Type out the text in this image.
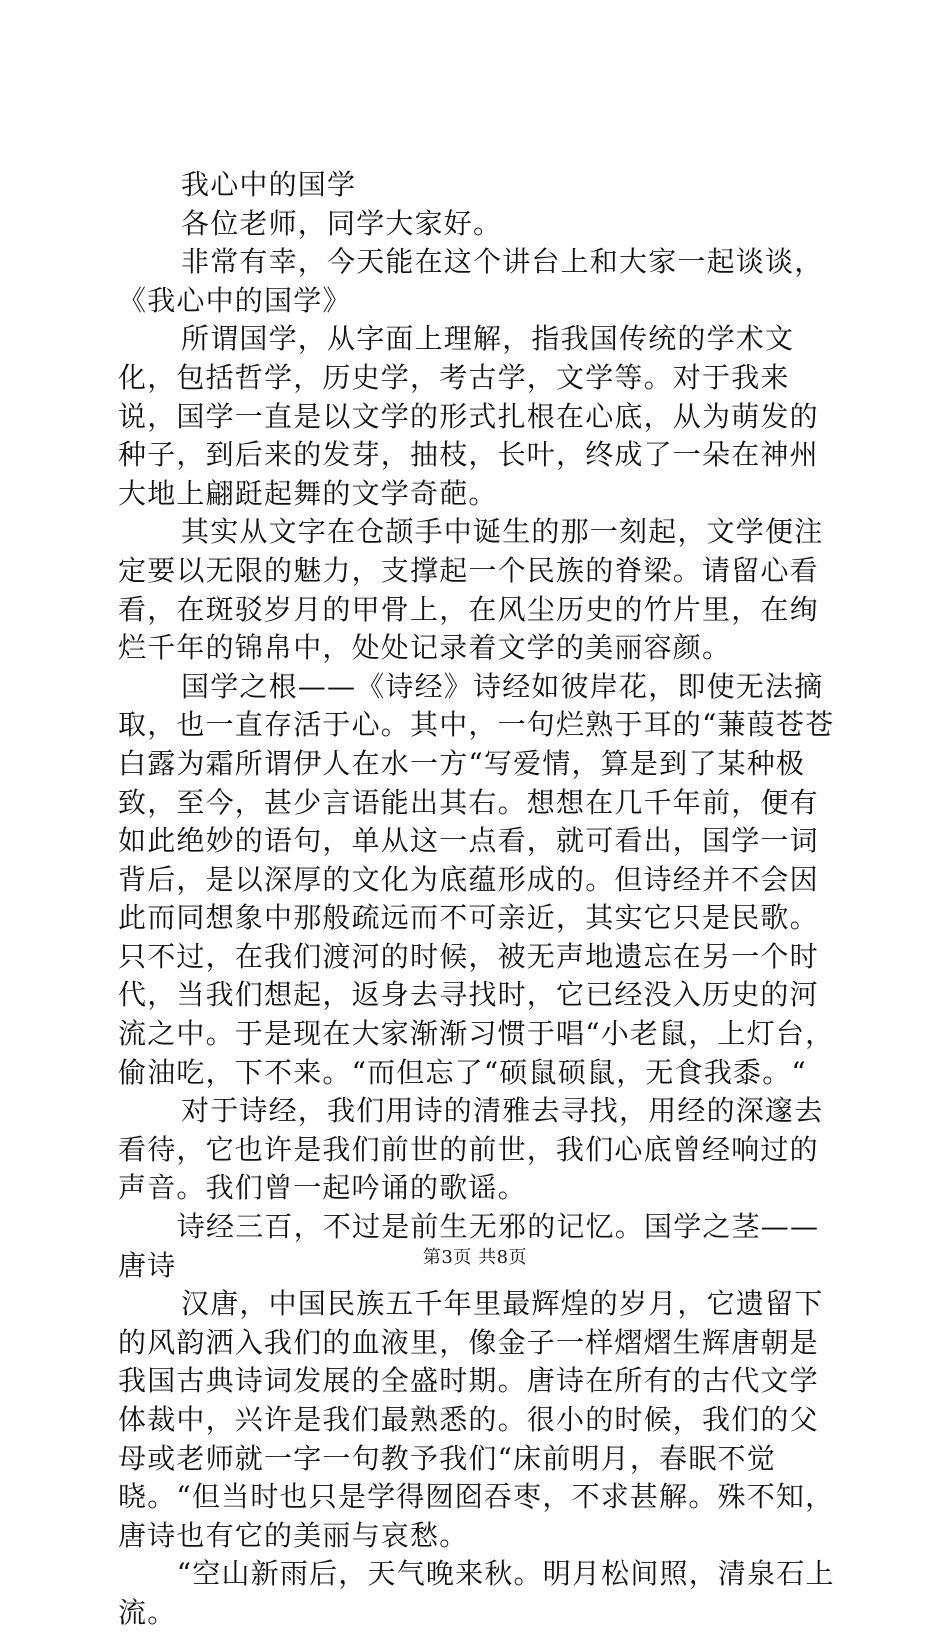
我心中的国学

各位老师，同学大家好。

非常有幸，今天能在这个讲台上和大家一起谈谈，《我心中的国学》

所谓国学，从字面上理解，指我国传统的学术文化，包括哲学，历史学，考古学，文学等。对于我来说，国学一直是以文学的形式扎根在心底，从为萌发的种子，到后来的发芽，抽枝，长叶，终成了一朵在神州大地上翩跹起舞的文学奇葩。

其实从文字在仓颉手中诞生的那一刻起，文学便注定要以无限的魅力，支撑起一个民族的脊梁。请留心看看，在斑驳岁月的甲骨上，在风尘历史的竹片里，在绚烂千年的锦帛中，处处记录着文学的美丽容颜。

国学之根——《诗经》诗经如彼岸花，即使无法摘取，也一直存活于心。其中，一句烂熟于耳的“蒹葭苍苍白露为霜所谓伊人在水一方“写爱情，算是到了某种极致，至今，甚少言语能出其右。想想在几千年前，便有如此绝妙的语句，单从这一点看，就可看出，国学一词背后，是以深厚的文化为底蕴形成的。但诗经并不会因此而同想象中那般疏远而不可亲近，其实它只是民歌。只不过，在我们渡河的时候，被无声地遗忘在另一个时代，当我们想起，返身去寻找时，它已经没入历史的河流之中。于是现在大家渐渐习惯于唱“小老鼠，上灯台，偷油吃，下不来。“而但忘了“硕鼠硕鼠，无食我黍。“

对于诗经，我们用诗的清雅去寻找，用经的深邃去看待，它也许是我们前世的前世，我们心底曾经响过的声音。我们曾一起吟诵的歌谣。

诗经三百，不过是前生无邪的记忆。国学之茎——唐诗

汉唐，中国民族五千年里最辉煌的岁月，它遗留下的风韵洒入我们的血液里，像金子一样熠熠生辉唐朝是我国古典诗词发展的全盛时期。唐诗在所有的古代文学体裁中，兴许是我们最熟悉的。很小的时候，我们的父母或老师就一字一句教予我们“床前明月，春眠不觉晓。“但当时也只是学得囫囵吞枣，不求甚解。殊不知，唐诗也有它的美丽与哀愁。

“空山新雨后，天气晚来秋。明月松间照，清泉石上流。

第3页 共8页
